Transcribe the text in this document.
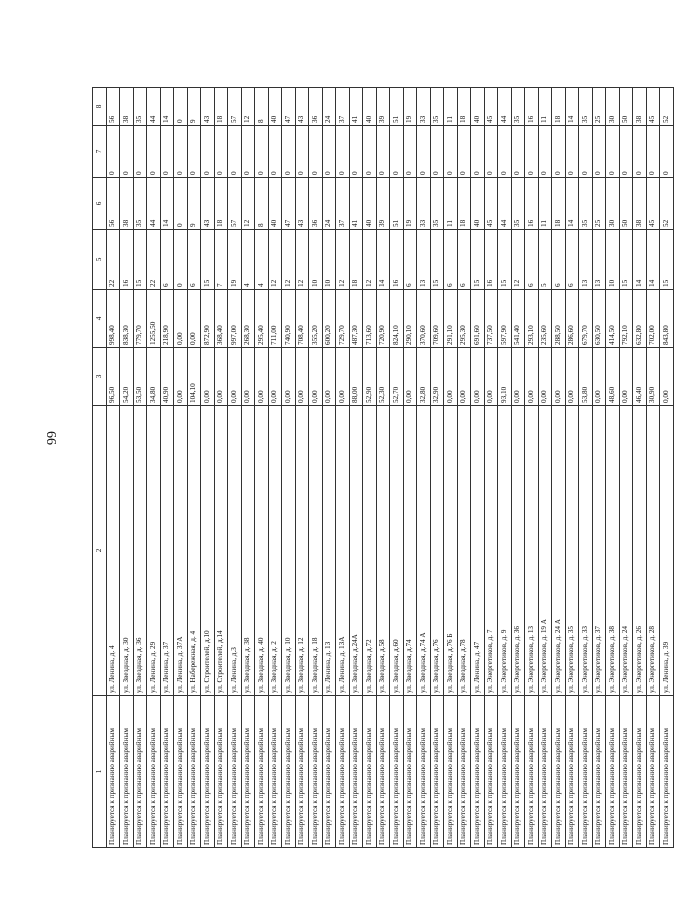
66
1	2	3	4	5	6	7	8
Планируется к признанию аварийным	ул. Ленина, д. 4	96,50	998,40	22	56	0	56
Планируется к признанию аварийным	ул. Звездная, д. 30	54,20	838,30	16	38	0	38
Планируется к признанию аварийным	ул. Звездная, д. 36	53,50	779,70	15	35	0	35
Планируется к признанию аварийным	ул. Ленина, д. 29	34,80	1255,50	22	44	0	44
Планируется к признанию аварийным	ул. Ленина, д. 37	40,90	218,90	6	14	0	14
Планируется к признанию аварийным	ул. Ленина, д. 37А	0,00	0,00	0	0	0	0
Планируется к признанию аварийным	ул. Набережная, д. 4	104,10	0,00	6	9	0	9
Планируется к признанию аварийным	ул. Строителей, д.10	0,00	872,90	15	43	0	43
Планируется к признанию аварийным	ул. Строителей, д.14	0,00	368,40	7	18	0	18
Планируется к признанию аварийным	ул. Ленина, д.3	0,00	997,00	19	57	0	57
Планируется к признанию аварийным	ул. Звездная, д. 38	0,00	268,30	4	12	0	12
Планируется к признанию аварийным	ул. Звездная, д. 40	0,00	295,40	4	8	0	8
Планируется к признанию аварийным	ул. Звездная, д. 2	0,00	711,00	12	40	0	40
Планируется к признанию аварийным	ул. Звездная, д. 10	0,00	740,90	12	47	0	47
Планируется к признанию аварийным	ул. Звездная, д. 12	0,00	708,40	12	43	0	43
Планируется к признанию аварийным	ул. Звездная, д. 18	0,00	355,20	10	36	0	36
Планируется к признанию аварийным	ул. Ленина, д. 13	0,00	600,20	10	24	0	24
Планируется к признанию аварийным	ул. Ленина, д. 13А	0,00	729,70	12	37	0	37
Планируется к признанию аварийным	ул. Звездная, д.24А	88,00	487,30	18	41	0	41
Планируется к признанию аварийным	ул. Звездная, д.72	52,90	713,60	12	40	0	40
Планируется к признанию аварийным	ул. Звездная, д.58	52,30	720,90	14	39	0	39
Планируется к признанию аварийным	ул. Звездная, д.60	52,70	824,10	16	51	0	51
Планируется к признанию аварийным	ул. Звездная, д.74	0,00	290,10	6	19	0	19
Планируется к признанию аварийным	ул. Звездная, д.74 А	32,80	370,60	13	33	0	33
Планируется к признанию аварийным	ул. Звездная, д.76	32,90	709,60	15	35	0	35
Планируется к признанию аварийным	ул. Звездная, д.76 Б	0,00	291,10	6	11	0	11
Планируется к признанию аварийным	ул. Звездная, д.78	0,00	295,30	6	18	0	18
Планируется к признанию аварийным	ул. Ленина, д. 47	0,00	691,60	15	40	0	40
Планируется к признанию аварийным	ул. Энергетиков, д. 7	0,00	737,50	16	45	0	45
Планируется к признанию аварийным	ул. Энергетиков, д. 9	93,10	597,90	15	44	0	44
Планируется к признанию аварийным	ул. Энергетиков, д. 36	0,00	541,40	12	35	0	35
Планируется к признанию аварийным	ул. Энергетиков, д. 13	0,00	293,10	6	16	0	16
Планируется к признанию аварийным	ул. Энергетиков, д. 19 А	0,00	235,60	5	11	0	11
Планируется к признанию аварийным	ул. Энергетиков, д. 24 А	0,00	288,50	6	18	0	18
Планируется к признанию аварийным	ул. Энергетиков, д. 35	0,00	286,60	6	14	0	14
Планируется к признанию аварийным	ул. Энергетиков, д. 33	53,80	679,70	13	35	0	35
Планируется к признанию аварийным	ул. Энергетиков, д. 37	0,00	630,50	13	25	0	25
Планируется к признанию аварийным	ул. Энергетиков, д. 38	48,60	414,50	10	30	0	30
Планируется к признанию аварийным	ул. Энергетиков, д. 24	0,00	792,10	15	50	0	50
Планируется к признанию аварийным	ул. Энергетиков, д. 26	46,40	632,80	14	38	0	38
Планируется к признанию аварийным	ул. Энергетиков, д. 28	30,90	702,00	14	45	0	45
Планируется к признанию аварийным	ул. Ленина, д. 39	0,00	843,80	15	52	0	52
